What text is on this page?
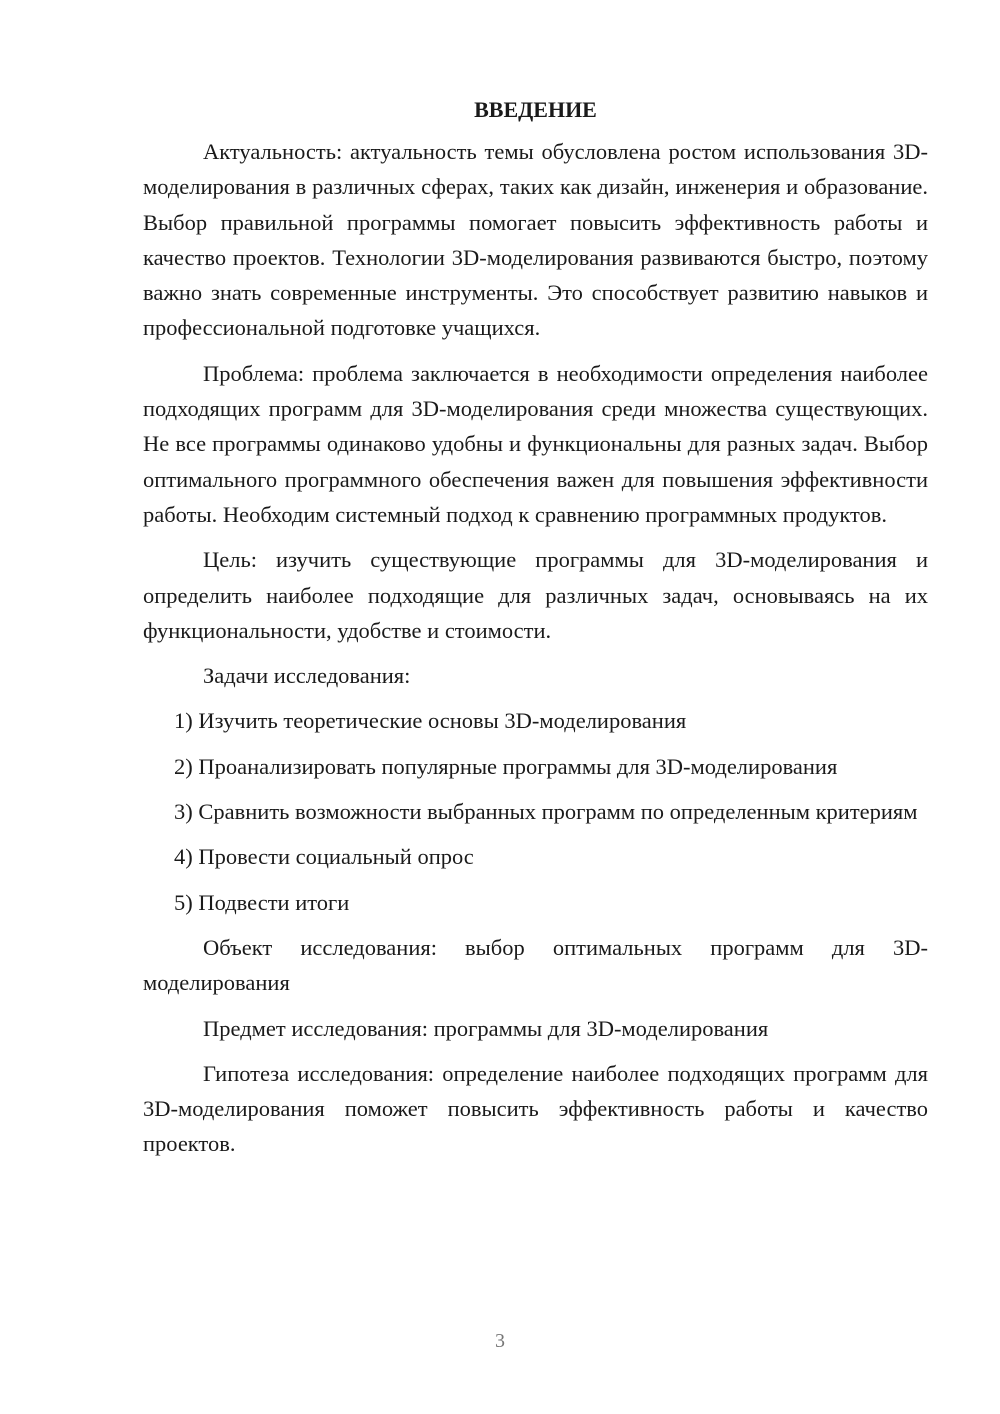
ВВЕДЕНИЕ

Актуальность: актуальность темы обусловлена ростом использования 3D-моделирования в различных сферах, таких как дизайн, инженерия и образование. Выбор правильной программы помогает повысить эффективность работы и качество проектов. Технологии 3D-моделирования развиваются быстро, поэтому важно знать современные инструменты. Это способствует развитию навыков и профессиональной подготовке учащихся.

Проблема: проблема заключается в необходимости определения наиболее подходящих программ для 3D-моделирования среди множества существующих. Не все программы одинаково удобны и функциональны для разных задач. Выбор оптимального программного обеспечения важен для повышения эффективности работы. Необходим системный подход к сравнению программных продуктов.

Цель: изучить существующие программы для 3D-моделирования и определить наиболее подходящие для различных задач, основываясь на их функциональности, удобстве и стоимости.

Задачи исследования:

1) Изучить теоретические основы 3D-моделирования

2) Проанализировать популярные программы для 3D-моделирования

3) Сравнить возможности выбранных программ по определенным критериям

4) Провести социальный опрос

5) Подвести итоги

Объект исследования: выбор оптимальных программ для 3D-моделирования

Предмет исследования: программы для 3D-моделирования

Гипотеза исследования: определение наиболее подходящих программ для 3D-моделирования поможет повысить эффективность работы и качество проектов.

3
